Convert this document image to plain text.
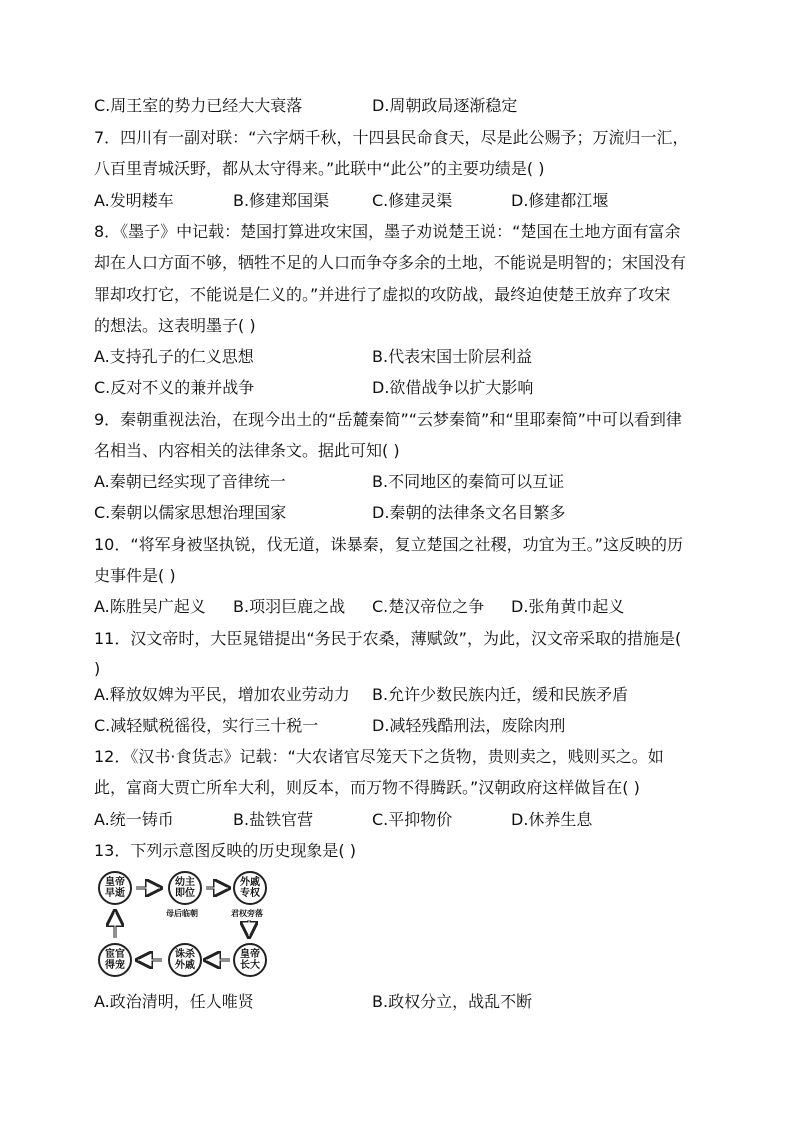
C.周王室的势力已经大大衰落	D.周朝政局逐渐稳定
7．四川有一副对联：“六字炳千秋，十四县民命食天，尽是此公赐予；万流归一汇，
八百里青城沃野，都从太守得来。”此联中“此公”的主要功绩是( )
A.发明耧车	B.修建郑国渠	C.修建灵渠	D.修建都江堰
8．《墨子》中记载：楚国打算进攻宋国，墨子劝说楚王说：“楚国在土地方面有富余
却在人口方面不够，牺牲不足的人口而争夺多余的土地，不能说是明智的；宋国没有
罪却攻打它，不能说是仁义的。”并进行了虚拟的攻防战，最终迫使楚王放弃了攻宋
的想法。这表明墨子( )
A.支持孔子的仁义思想	B.代表宋国士阶层利益
C.反对不义的兼并战争	D.欲借战争以扩大影响
9．秦朝重视法治，在现今出土的“岳麓秦简”“云梦秦简”和“里耶秦简”中可以看到律
名相当、内容相关的法律条文。据此可知( )
A.秦朝已经实现了音律统一	B.不同地区的秦简可以互证
C.秦朝以儒家思想治理国家	D.秦朝的法律条文名目繁多
10．“将军身被坚执锐，伐无道，诛暴秦，复立楚国之社稷，功宜为王。”这反映的历
史事件是( )
A.陈胜吴广起义 B.项羽巨鹿之战 C.楚汉帝位之争 D.张角黄巾起义
11．汉文帝时，大臣晁错提出“务民于农桑，薄赋敛”，为此，汉文帝采取的措施是(
)
A.释放奴婢为平民，增加农业劳动力 B.允许少数民族内迁，缓和民族矛盾
C.减轻赋税徭役，实行三十税一	D.减轻残酷刑法，废除肉刑
12．《汉书·食货志》记载：“大农诸官尽笼天下之货物，贵则卖之，贱则买之。如
此，富商大贾亡所牟大利，则反本，而万物不得腾跃。”汉朝政府这样做旨在( )
A.统一铸币	B.盐铁官营	C.平抑物价	D.休养生息
13．下列示意图反映的历史现象是( )
皇帝早逝
幼主即位
外戚专权
皇帝长大
诛杀外戚
宦官得宠
母后临朝	君权旁落
A.政治清明，任人唯贤	B.政权分立，战乱不断
